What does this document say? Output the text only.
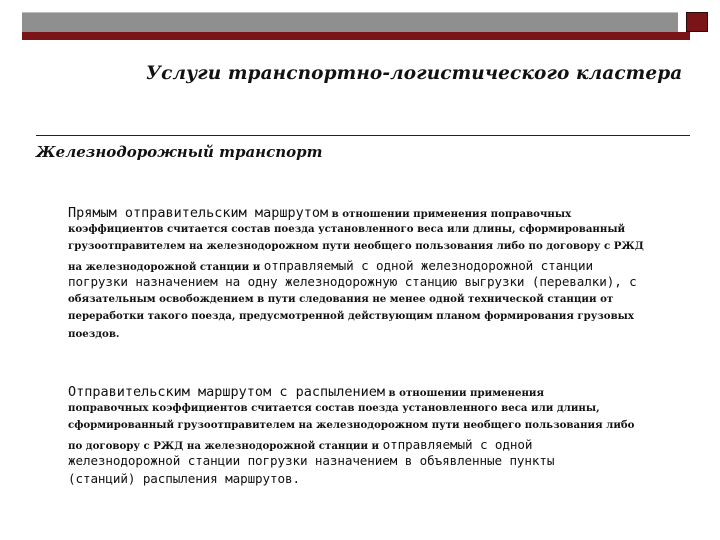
Услуги транспортно-логистического кластера
Железнодорожный транспорт
Прямым отправительским маршрутом в отношении применения поправочных
коэффициентов считается состав поезда установленного веса или длины, сформированный
грузоотправителем на железнодорожном пути необщего пользования либо по договору с РЖД
на железнодорожной станции и отправляемый с одной железнодорожной станции
погрузки назначением на одну железнодорожную станцию выгрузки (перевалки), с
обязательным освобождением в пути следования не менее одной технической станции от
переработки такого поезда, предусмотренной действующим планом формирования грузовых
поездов.
Отправительским маршрутом с распылением в отношении применения
поправочных коэффициентов считается состав поезда установленного веса или длины,
сформированный грузоотправителем на железнодорожном пути необщего пользования либо
по договору с РЖД на железнодорожной станции и отправляемый с одной
железнодорожной станции погрузки назначением в объявленные пункты
(станций) распыления маршрутов.
